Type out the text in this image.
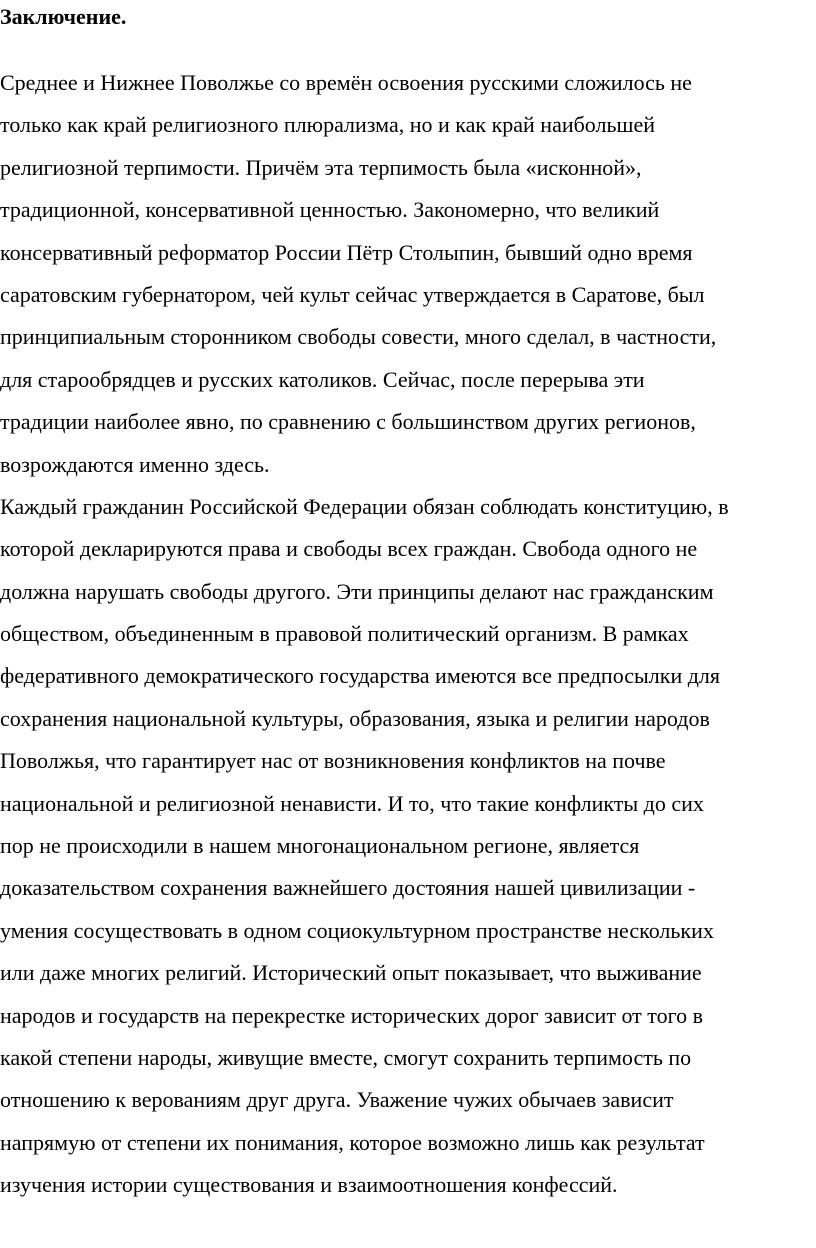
Заключение.
Среднее и Нижнее Поволжье со времён освоения русскими сложилось не
только как край религиозного плюрализма, но и как край наибольшей
религиозной терпимости. Причём эта терпимость была «исконной»,
традиционной, консервативной ценностью. Закономерно, что великий
консервативный реформатор России Пётр Столыпин, бывший одно время
саратовским губернатором, чей культ сейчас утверждается в Саратове, был
принципиальным сторонником свободы совести, много сделал, в частности,
для старообрядцев и русских католиков. Сейчас, после перерыва эти
традиции наиболее явно, по сравнению с большинством других регионов,
возрождаются именно здесь.
Каждый гражданин Российской Федерации обязан соблюдать конституцию, в
которой декларируются права и свободы всех граждан. Свобода одного не
должна нарушать свободы другого. Эти принципы делают нас гражданским
обществом, объединенным в правовой политический организм. В рамках
федеративного демократического государства имеются все предпосылки для
сохранения национальной культуры, образования, языка и религии народов
Поволжья, что гарантирует нас от возникновения конфликтов на почве
национальной и религиозной ненависти. И то, что такие конфликты до сих
пор не происходили в нашем многонациональном регионе, является
доказательством сохранения важнейшего достояния нашей цивилизации -
умения сосуществовать в одном социокультурном пространстве нескольких
или даже многих религий. Исторический опыт показывает, что выживание
народов и государств на перекрестке исторических дорог зависит от того в
какой степени народы, живущие вместе, смогут сохранить терпимость по
отношению к верованиям друг друга. Уважение чужих обычаев зависит
напрямую от степени их понимания, которое возможно лишь как результат
изучения истории существования и взаимоотношения конфессий.
